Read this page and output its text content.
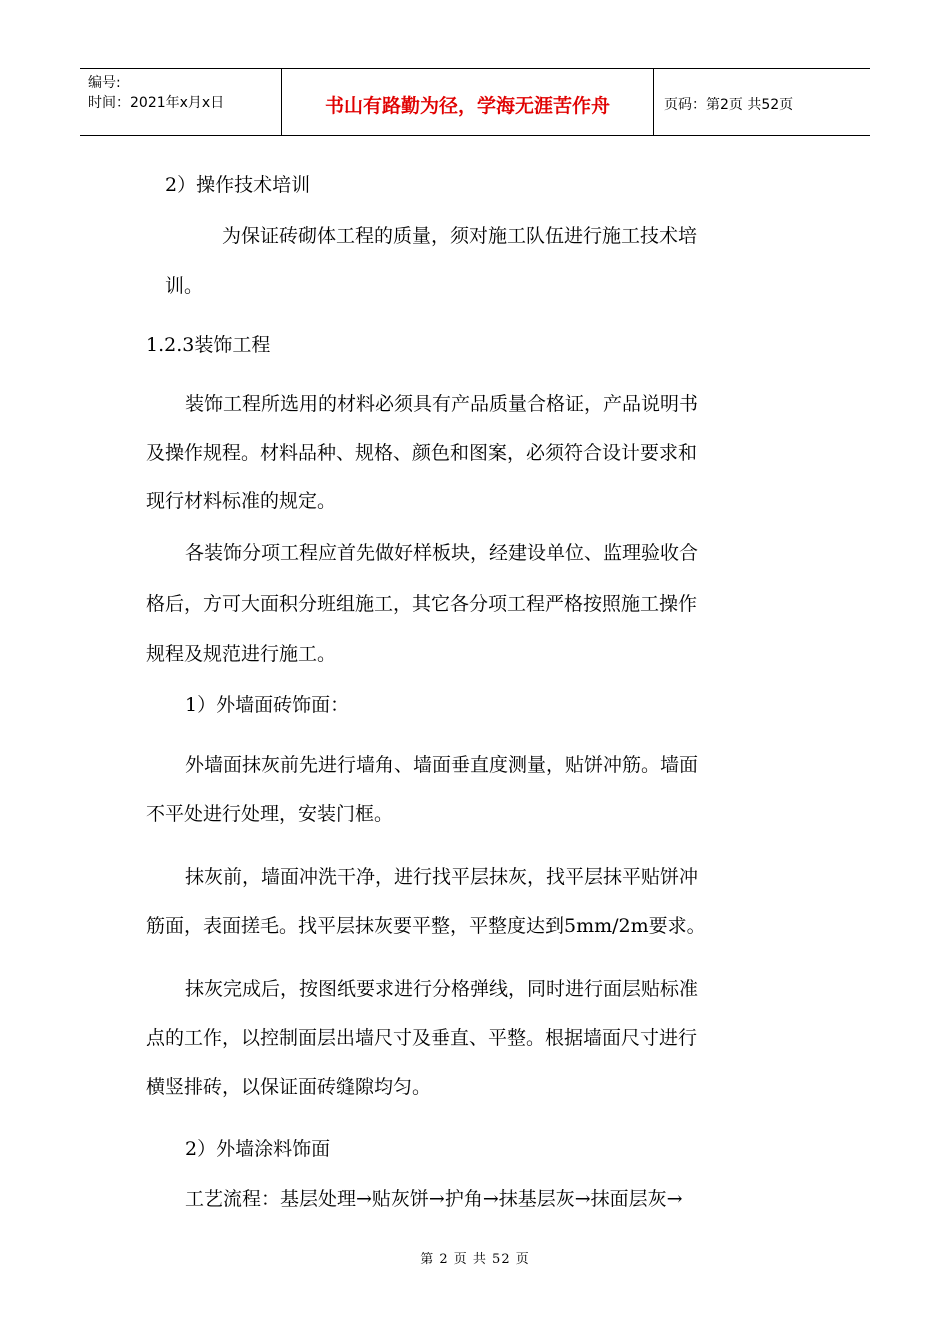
编号:
时间：2021年x月x日	书山有路勤为径，学海无涯苦作舟	页码：第2页 共52页
2）操作技术培训
为保证砖砌体工程的质量，须对施工队伍进行施工技术培
训。
1.2.3装饰工程
装饰工程所选用的材料必须具有产品质量合格证，产品说明书
及操作规程。材料品种、规格、颜色和图案，必须符合设计要求和
现行材料标准的规定。
各装饰分项工程应首先做好样板块，经建设单位、监理验收合
格后，方可大面积分班组施工，其它各分项工程严格按照施工操作
规程及规范进行施工。
1）外墙面砖饰面：
外墙面抹灰前先进行墙角、墙面垂直度测量，贴饼冲筋。墙面
不平处进行处理，安装门框。
抹灰前，墙面冲洗干净，进行找平层抹灰，找平层抹平贴饼冲
筋面，表面搓毛。找平层抹灰要平整，平整度达到5mm/2m要求。
抹灰完成后，按图纸要求进行分格弹线，同时进行面层贴标准
点的工作，以控制面层出墙尺寸及垂直、平整。根据墙面尺寸进行
横竖排砖，以保证面砖缝隙均匀。
2）外墙涂料饰面
工艺流程：基层处理→贴灰饼→护角→抹基层灰→抹面层灰→
第 2 页 共 52 页
